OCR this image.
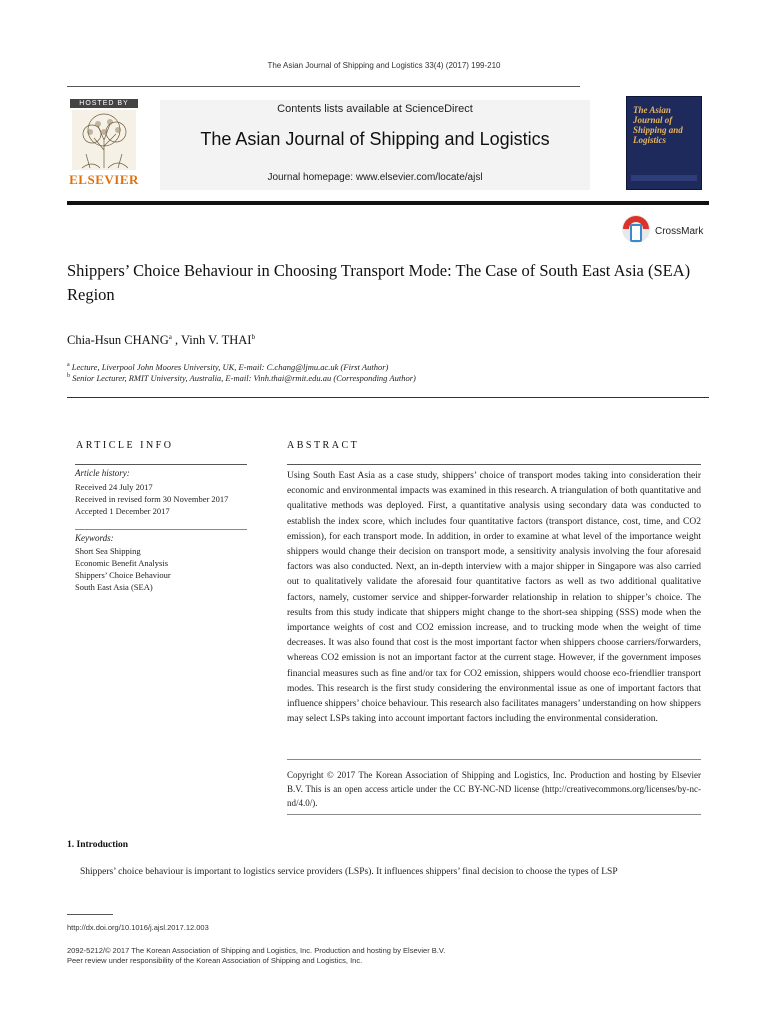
The Asian Journal of Shipping and Logistics 33(4) (2017) 199-210
HOSTED BY
ELSEVIER
Contents lists available at ScienceDirect
The Asian Journal of Shipping and Logistics
Journal homepage: www.elsevier.com/locate/ajsl
The Asian Journal of Shipping and Logistics
CrossMark
Shippers’ Choice Behaviour in Choosing Transport Mode: The Case of South East Asia (SEA) Region
Chia-Hsun CHANG$^a$ , Vinh V. THAI$^b$
$^a$ Lecture, Liverpool John Moores University, UK, E-mail: C.chang@ljmu.ac.uk (First Author)
$^b$ Senior Lecturer, RMIT University, Australia, E-mail: Vinh.thai@rmit.edu.au (Corresponding Author)
ARTICLE INFO
Article history:
Received 24 July 2017
Received in revised form 30 November 2017
Accepted 1 December 2017
Keywords:
Short Sea Shipping
Economic Benefit Analysis
Shippers’ Choice Behaviour
South East Asia (SEA)
ABSTRACT
Using South East Asia as a case study, shippers’ choice of transport modes taking into consideration their economic and environmental impacts was examined in this research. A triangulation of both quantitative and qualitative methods was deployed. First, a quantitative analysis using secondary data was conducted to establish the index score, which includes four quantitative factors (transport distance, cost, time, and CO2 emission), for each transport mode. In addition, in order to examine at what level of the importance weight shippers would change their decision on transport mode, a sensitivity analysis involving the four aforesaid factors was also conducted. Next, an in-depth interview with a major shipper in Singapore was also carried out to qualitatively validate the aforesaid four quantitative factors as well as two additional qualitative factors, namely, customer service and shipper-forwarder relationship in relation to shipper’s choice. The results from this study indicate that shippers might change to the short-sea shipping (SSS) mode when the importance weights of cost and CO2 emission increase, and to trucking mode when the weight of time decreases. It was also found that cost is the most important factor when shippers choose carriers/forwarders, whereas CO2 emission is not an important factor at the current stage. However, if the government imposes financial measures such as fine and/or tax for CO2 emission, shippers would choose eco-friendlier transport modes. This research is the first study considering the environmental issue as one of important factors that influence shippers’ choice behaviour. This research also facilitates managers’ understanding on how shippers may select LSPs taking into account important factors including the environmental consideration.
Copyright © 2017 The Korean Association of Shipping and Logistics, Inc. Production and hosting by Elsevier B.V. This is an open access article under the CC BY-NC-ND license (http://creativecommons.org/licenses/by-nc-nd/4.0/).
1. Introduction
Shippers’ choice behaviour is important to logistics service providers (LSPs). It influences shippers’ final decision to choose the types of LSP
http://dx.doi.org/10.1016/j.ajsl.2017.12.003
2092-5212/© 2017 The Korean Association of Shipping and Logistics, Inc. Production and hosting by Elsevier B.V.
Peer review under responsibility of the Korean Association of Shipping and Logistics, Inc.
